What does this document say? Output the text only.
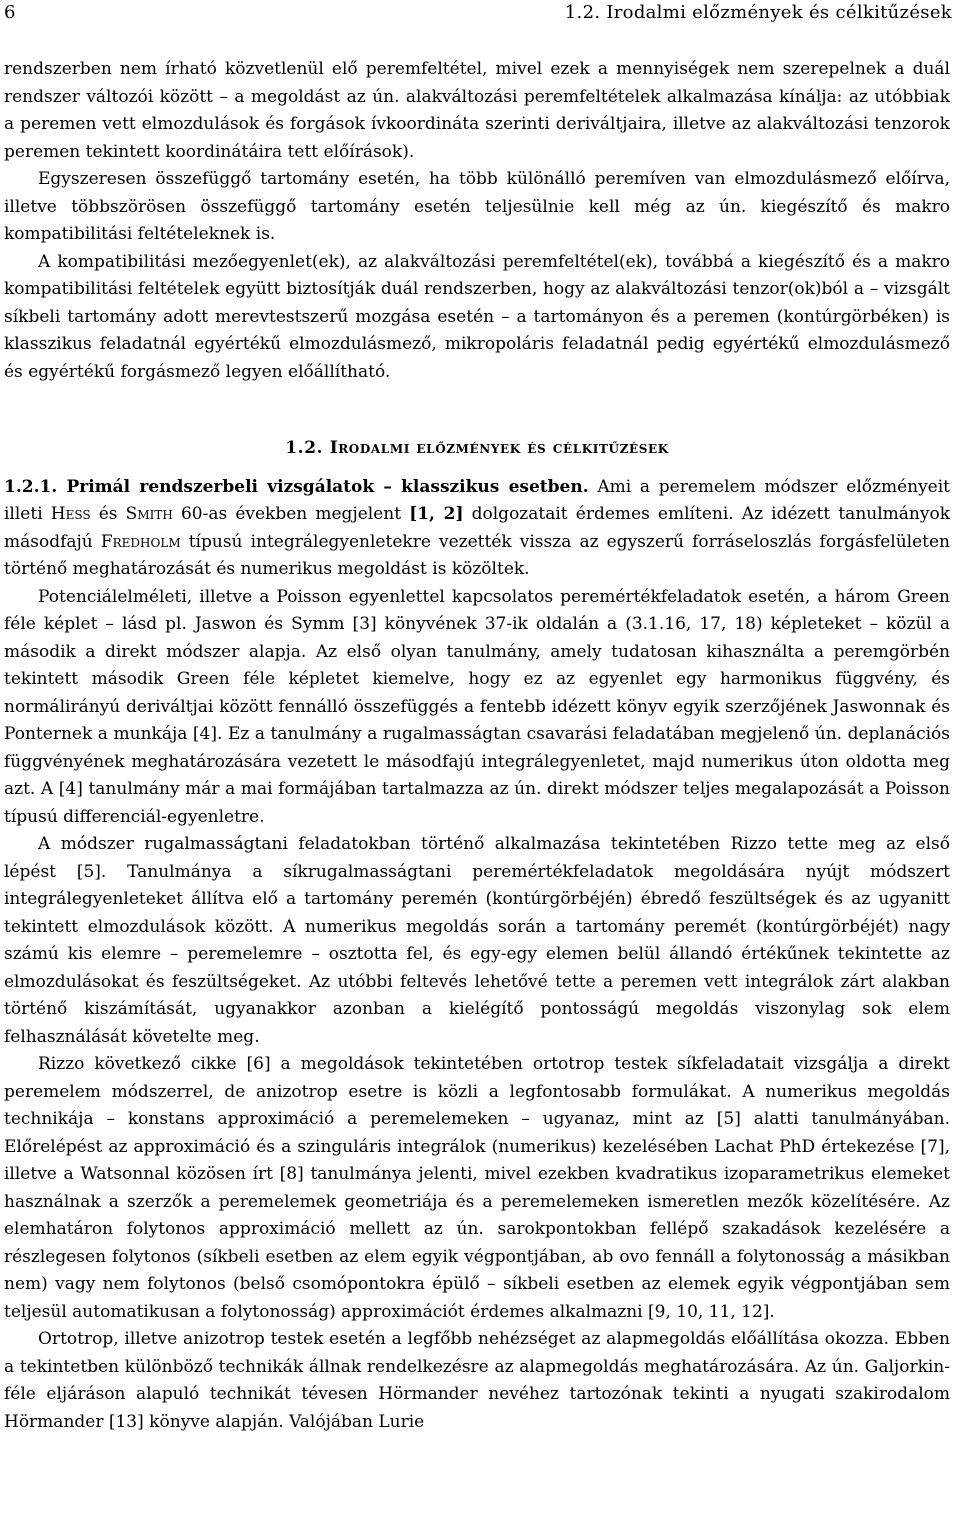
6	1.2. Irodalmi előzmények és célkitűzések

rendszerben nem írható közvetlenül elő peremfeltétel, mivel ezek a mennyiségek nem szerepelnek a duál rendszer változói között – a megoldást az ún. alakváltozási peremfeltételek alkalmazása kínálja: az utóbbiak a peremen vett elmozdulások és forgások ívkoordináta szerinti deriváltjaira, illetve az alakváltozási tenzorok peremen tekintett koordinátáira tett előírások).

Egyszeresen összefüggő tartomány esetén, ha több különálló peremíven van elmozdulásmező előírva, illetve többszörösen összefüggő tartomány esetén teljesülnie kell még az ún. kiegészítő és makro kompatibilitási feltételeknek is.

A kompatibilitási mezőegyenlet(ek), az alakváltozási peremfeltétel(ek), továbbá a kiegészítő és a makro kompatibilitási feltételek együtt biztosítják duál rendszerben, hogy az alakváltozási tenzor(ok)ból a – vizsgált síkbeli tartomány adott merevtestszerű mozgása esetén – a tartományon és a peremen (kontúrgörbéken) is klasszikus feladatnál egyértékű elmozdulásmező, mikropoláris feladatnál pedig egyértékű elmozdulásmező és egyértékű forgásmező legyen előállítható.

1.2. Irodalmi előzmények és célkitűzések

1.2.1. Primál rendszerbeli vizsgálatok – klasszikus esetben. Ami a peremelem módszer előzményeit illeti Hess és Smith 60-as években megjelent [1, 2] dolgozatait érdemes említeni. Az idézett tanulmányok másodfajú Fredholm típusú integrálegyenletekre vezették vissza az egyszerű forráseloszlás forgásfelületen történő meghatározását és numerikus megoldást is közöltek.

Potenciálelméleti, illetve a Poisson egyenlettel kapcsolatos peremértékfeladatok esetén, a három Green féle képlet – lásd pl. Jaswon és Symm [3] könyvének 37-ik oldalán a (3.1.16, 17, 18) képleteket – közül a második a direkt módszer alapja. Az első olyan tanulmány, amely tudatosan kihasználta a peremgörbén tekintett második Green féle képletet kiemelve, hogy ez az egyenlet egy harmonikus függvény, és normálirányú deriváltjai között fennálló összefüggés a fentebb idézett könyv egyik szerzőjének Jaswonnak és Ponternek a munkája [4]. Ez a tanulmány a rugalmasságtan csavarási feladatában megjelenő ún. deplanációs függvényének meghatározására vezetett le másodfajú integrálegyenletet, majd numerikus úton oldotta meg azt. A [4] tanulmány már a mai formájában tartalmazza az ún. direkt módszer teljes megalapozását a Poisson típusú differenciál-egyenletre.

A módszer rugalmasságtani feladatokban történő alkalmazása tekintetében Rizzo tette meg az első lépést [5]. Tanulmánya a síkrugalmasságtani peremértékfeladatok megoldására nyújt módszert integrálegyenleteket állítva elő a tartomány peremén (kontúrgörbéjén) ébredő feszültségek és az ugyanitt tekintett elmozdulások között. A numerikus megoldás során a tartomány peremét (kontúrgörbéjét) nagy számú kis elemre – peremelemre – osztotta fel, és egy-egy elemen belül állandó értékűnek tekintette az elmozdulásokat és feszültségeket. Az utóbbi feltevés lehetővé tette a peremen vett integrálok zárt alakban történő kiszámítását, ugyanakkor azonban a kielégítő pontosságú megoldás viszonylag sok elem felhasználását követelte meg.

Rizzo következő cikke [6] a megoldások tekintetében ortotrop testek síkfeladatait vizsgálja a direkt peremelem módszerrel, de anizotrop esetre is közli a legfontosabb formulákat. A numerikus megoldás technikája – konstans approximáció a peremelemeken – ugyanaz, mint az [5] alatti tanulmányában. Előrelépést az approximáció és a szinguláris integrálok (numerikus) kezelésében Lachat PhD értekezése [7], illetve a Watsonnal közösen írt [8] tanulmánya jelenti, mivel ezekben kvadratikus izoparametrikus elemeket használnak a szerzők a peremelemek geometriája és a peremelemeken ismeretlen mezők közelítésére. Az elemhatáron folytonos approximáció mellett az ún. sarokpontokban fellépő szakadások kezelésére a részlegesen folytonos (síkbeli esetben az elem egyik végpontjában, ab ovo fennáll a folytonosság a másikban nem) vagy nem folytonos (belső csomópontokra épülő – síkbeli esetben az elemek egyik végpontjában sem teljesül automatikusan a folytonosság) approximációt érdemes alkalmazni [9, 10, 11, 12].

Ortotrop, illetve anizotrop testek esetén a legfőbb nehézséget az alapmegoldás előállítása okozza. Ebben a tekintetben különböző technikák állnak rendelkezésre az alapmegoldás meghatározására. Az ún. Galjorkin-féle eljáráson alapuló technikát tévesen Hörmander nevéhez tartozónak tekinti a nyugati szakirodalom Hörmander [13] könyve alapján. Valójában Lurie
